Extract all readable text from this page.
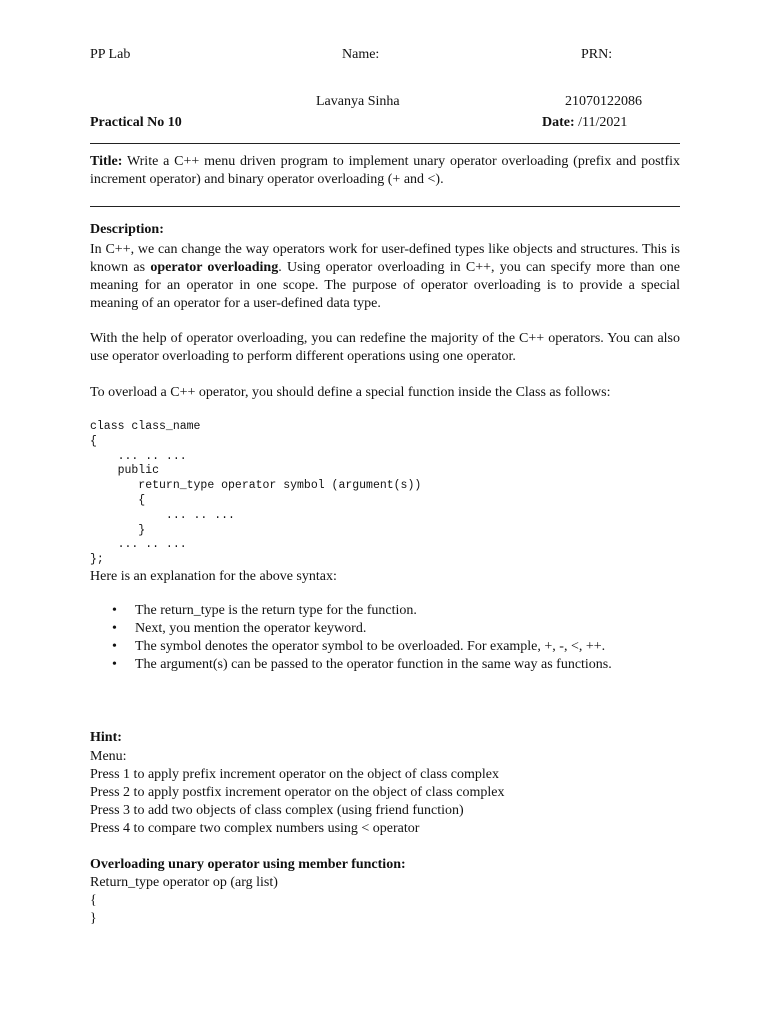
PP Lab	Name:	PRN:
Lavanya Sinha	21070122086
Practical No 10	Date: /11/2021
Title: Write a C++ menu driven program to implement unary operator overloading (prefix and postfix increment operator) and binary operator overloading (+ and <).
Description:
In C++, we can change the way operators work for user-defined types like objects and structures. This is known as operator overloading. Using operator overloading in C++, you can specify more than one meaning for an operator in one scope. The purpose of operator overloading is to provide a special meaning of an operator for a user-defined data type.
With the help of operator overloading, you can redefine the majority of the C++ operators. You can also use operator overloading to perform different operations using one operator.
To overload a C++ operator, you should define a special function inside the Class as follows:
class class_name
{
... .. ...
public
return_type operator symbol (argument(s))
{
... .. ...
}
... .. ...
};
Here is an explanation for the above syntax:
• The return_type is the return type for the function.
• Next, you mention the operator keyword.
• The symbol denotes the operator symbol to be overloaded. For example, +, -, <, ++.
• The argument(s) can be passed to the operator function in the same way as functions.
Hint:
Menu:
Press 1 to apply prefix increment operator on the object of class complex
Press 2 to apply postfix increment operator on the object of class complex
Press 3 to add two objects of class complex (using friend function)
Press 4 to compare two complex numbers using < operator
Overloading unary operator using member function:
Return_type operator op (arg list)
{
}
